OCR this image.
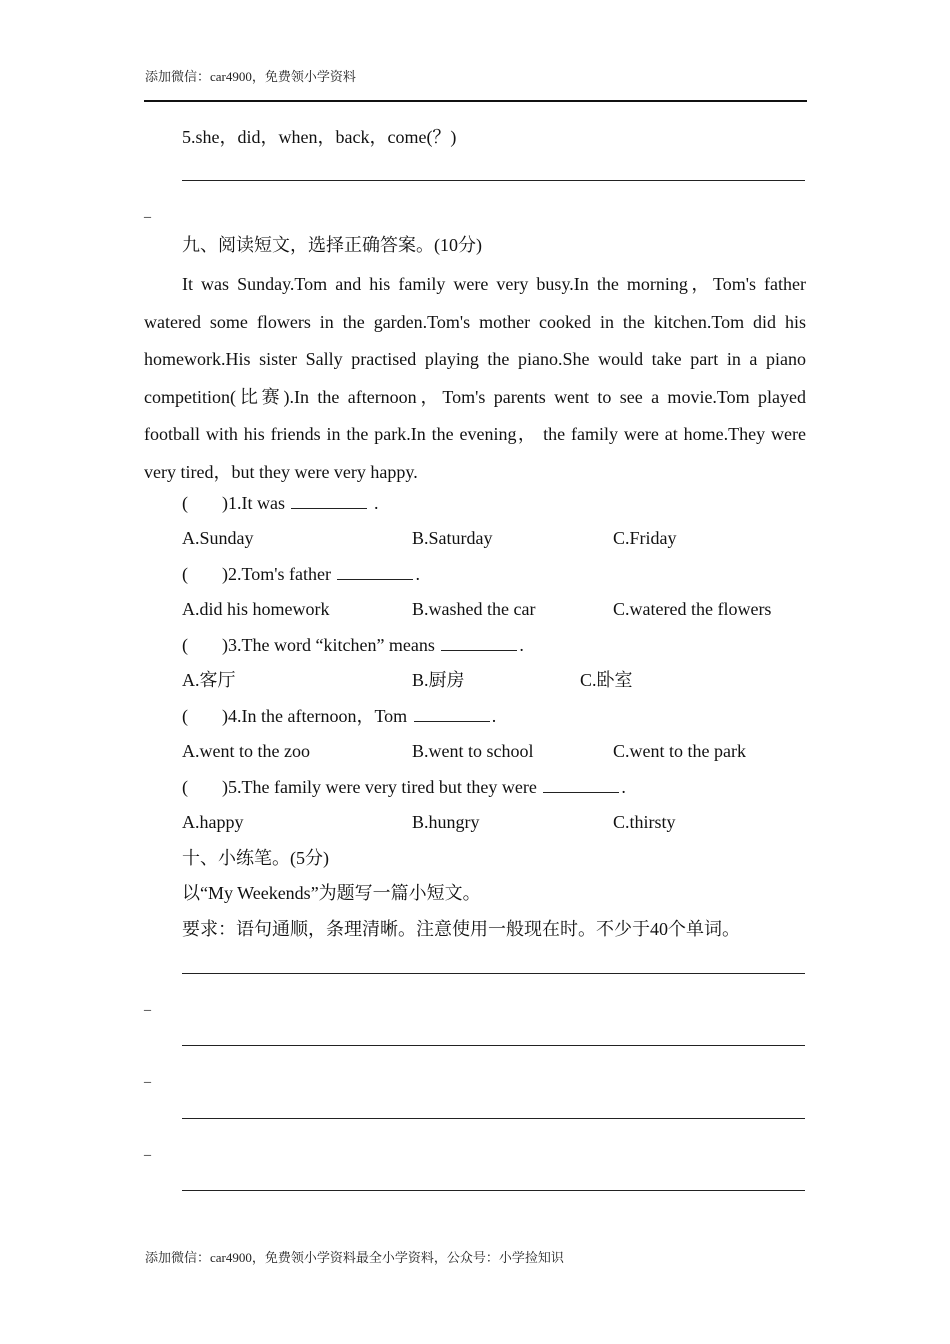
添加微信：car4900，免费领小学资料
5.she，did，when，back，come(？)
_
九、阅读短文，选择正确答案。(10分)

It was Sunday.Tom and his family were very busy.In the morning，Tom's father watered some flowers in the garden.Tom's mother cooked in the kitchen.Tom did his homework.His sister Sally practised playing the piano.She would take part in a piano competition(比赛).In the afternoon，Tom's parents went to see a movie.Tom played football with his friends in the park.In the evening， the family were at home.They were very tired，but they were very happy.

( )1.It was	.
A.Sunday	B.Saturday	C.Friday
( )2.Tom's father	.
A.did his homework	B.washed the car	C.watered the flowers
( )3.The word “kitchen” means	.
A.客厅	B.厨房	C.卧室
( )4.In the afternoon，Tom	.
A.went to the zoo	B.went to school	C.went to the park
( )5.The family were very tired but they were	.
A.happy	B.hungry	C.thirsty
十、小练笔。(5分)
以“My Weekends”为题写一篇小短文。
要求：语句通顺，条理清晰。注意使用一般现在时。不少于40个单词。
_
_
_
添加微信：car4900，免费领小学资料最全小学资料，公众号：小学捡知识
